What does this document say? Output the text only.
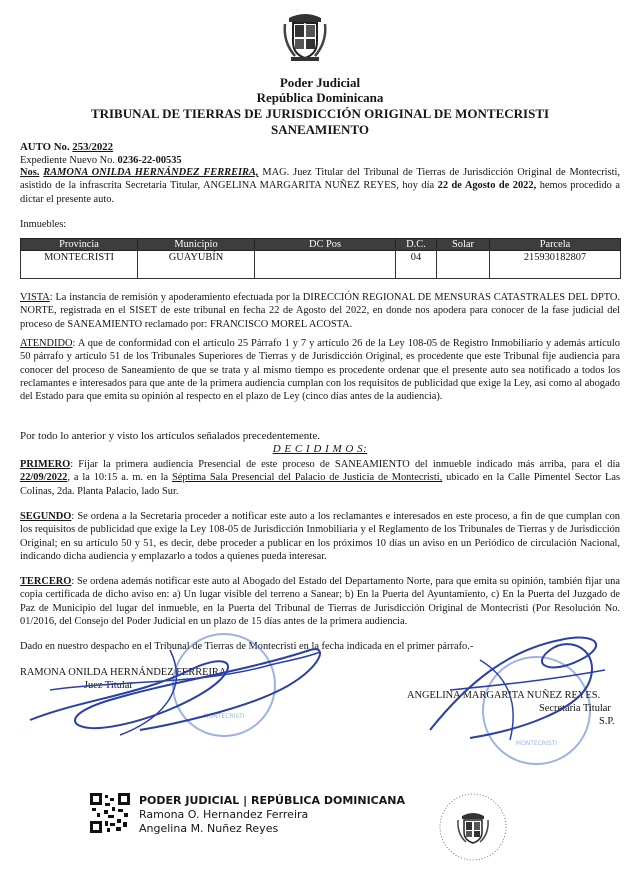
Poder Judicial
República Dominicana
TRIBUNAL DE TIERRAS DE JURISDICCIÓN ORIGINAL DE MONTECRISTI
SANEAMIENTO
AUTO No. 253/2022
Expediente Nuevo No. 0236-22-00535
Nos. RAMONA ONILDA HERNÁNDEZ FERREIRA, MAG. Juez Titular del Tribunal de Tierras de Jurisdicción Original de Montecristi, asistido de la infrascrita Secretaria Titular, ANGELINA MARGARITA NUÑEZ REYES, hoy día 22 de Agosto de 2022, hemos procedido a dictar el presente auto.
Inmuebles:
Provincia	Municipio	DC Pos	D.C.	Solar	Parcela
MONTECRISTI	GUAYUBÍN		04		215930182807
VISTA: La instancia de remisión y apoderamiento efectuada por la DIRECCIÓN REGIONAL DE MENSURAS CATASTRALES DEL DPTO. NORTE, registrada en el SISET de este tribunal en fecha 22 de Agosto del 2022, en donde nos apodera para conocer de la fase judicial del proceso de SANEAMIENTO reclamado por: FRANCISCO MOREL ACOSTA.
ATENDIDO: A que de conformidad con el artículo 25 Párrafo 1 y 7 y artículo 26 de la Ley 108-05 de Registro Inmobiliario y además artículo 50 párrafo y artículo 51 de los Tribunales Superiores de Tierras y de Jurisdicción Original, es procedente que este Tribunal fije audiencia para conocer del proceso de Saneamiento de que se trata y al mismo tiempo es procedente ordenar que el presente auto sea notificado a todos los reclamantes e interesados para que ante de la primera audiencia cumplan con los requisitos de publicidad que exige la Ley, así como al abogado del Estado para que emita su opinión al respecto en el plazo de Ley (cinco días antes de la audiencia).
Por todo lo anterior y visto los artículos señalados precedentemente.
D E C I D I M O S:
PRIMERO: Fijar la primera audiencia Presencial de este proceso de SANEAMIENTO del inmueble indicado más arriba, para el día 22/09/2022, a la 10:15 a. m. en la Séptima Sala Presencial del Palacio de Justicia de Montecristi, ubicado en la Calle Pimentel Sector Las Colinas, 2da. Planta Palacio, lado Sur.
SEGUNDO: Se ordena a la Secretaria proceder a notificar este auto a los reclamantes e interesados en este proceso, a fin de que cumplan con los requisitos de publicidad que exige la Ley 108-05 de Jurisdicción Inmobiliaria y el Reglamento de los Tribunales de Tierras y de Jurisdicción Original; en su artículo 50 y 51, es decir, debe proceder a publicar en los próximos 10 días un aviso en un Periódico de circulación Nacional, indicando dicha audiencia y emplazarlo a todos a quienes pueda interesar.
TERCERO: Se ordena además notificar este auto al Abogado del Estado del Departamento Norte, para que emita su opinión, también fijar una copia certificada de dicho aviso en: a) Un lugar visible del terreno a Sanear; b) En la Puerta del Ayuntamiento, c) En la Puerta del Juzgado de Paz de Municipio del lugar del inmueble, en la Puerta del Tribunal de Tierras de Jurisdicción Original de Montecristi (Por Resolución No. 01/2016, del Consejo del Poder Judicial en un plazo de 15 días antes de la primera audiencia.
Dado en nuestro despacho en el Tribunal de Tierras de Montecristi en la fecha indicada en el primer párrafo.-
MONTECRISTI
MONTECRISTI
RAMONA ONILDA HERNÁNDEZ FERREIRA
Juez Titular
ANGELINA MARGARITA NUÑEZ REYES.
Secretaria Titular
S.P.
PODER JUDICIAL | REPÚBLICA DOMINICANA
Ramona O. Hernandez Ferreira
Angelina M. Nuñez Reyes
